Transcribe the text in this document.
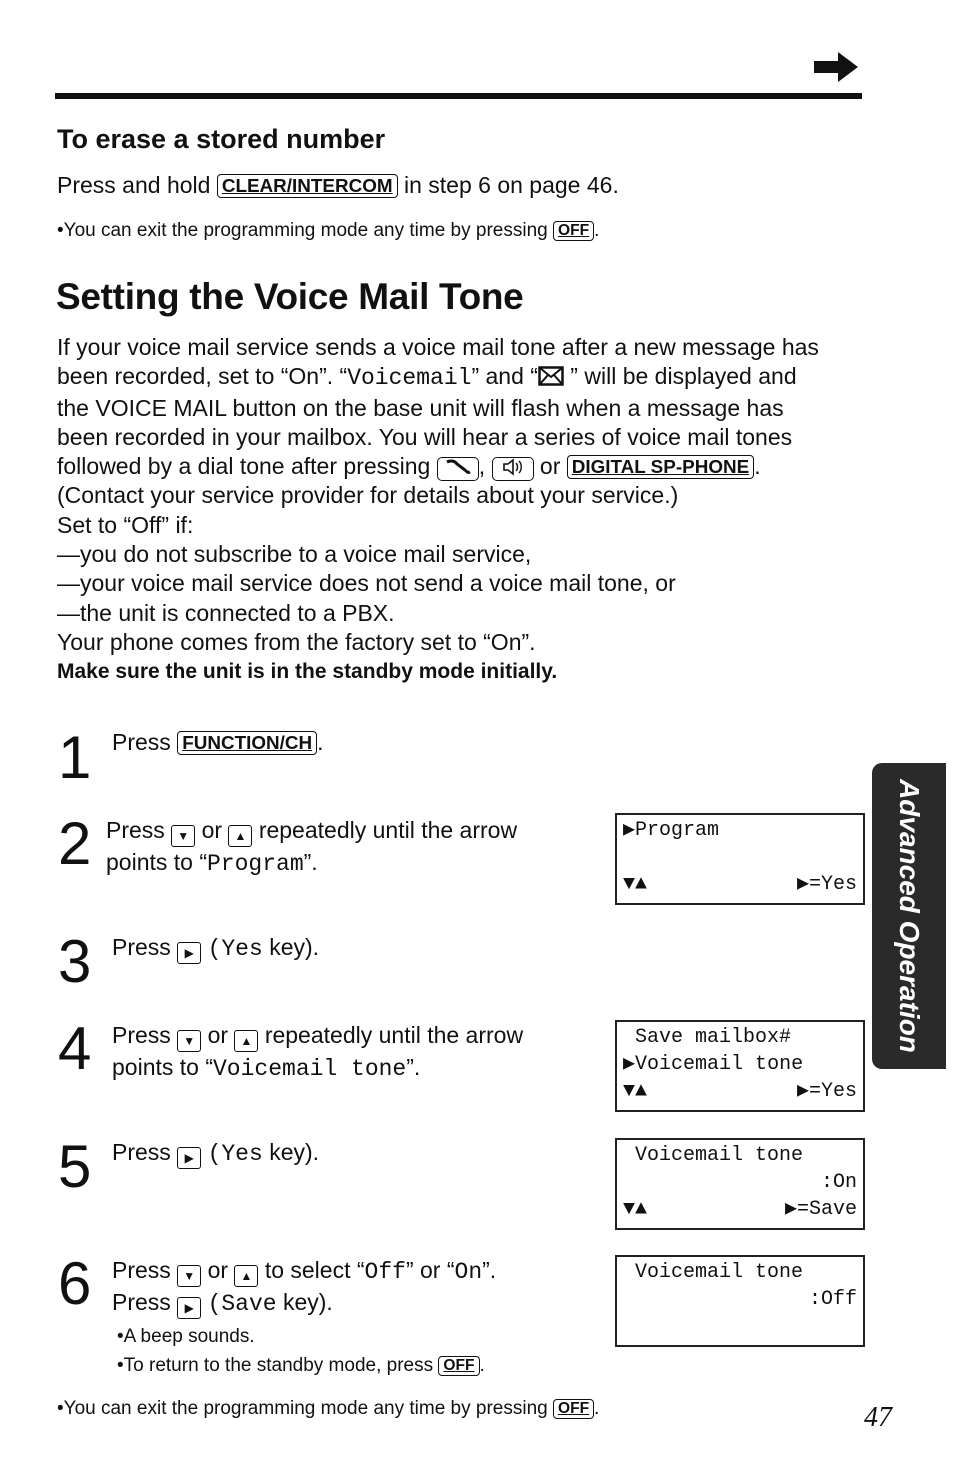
To erase a stored number
Press and hold CLEAR/INTERCOM in step 6 on page 46.
•You can exit the programming mode any time by pressing OFF .
Setting the Voice Mail Tone
If your voice mail service sends a voice mail tone after a new message has
been recorded, set to “On”. “Voicemail” and “ ” will be displayed and
the VOICE MAIL button on the base unit will flash when a message has
been recorded in your mailbox. You will hear a series of voice mail tones
followed by a dial tone after pressing , or DIGITAL SP-PHONE .
(Contact your service provider for details about your service.)
Set to “Off” if:
—you do not subscribe to a voice mail service,
—your voice mail service does not send a voice mail tone, or
—the unit is connected to a PBX.
Your phone comes from the factory set to “On”.
Make sure the unit is in the standby mode initially.
1 Press FUNCTION/CH .
2 Press ▼ or ▲ repeatedly until the arrow
points to “Program”.
▶Program

▼▲	▶=Yes
3 Press ▶ (Yes key).
4 Press ▼ or ▲ repeatedly until the arrow
points to “Voicemail tone”.
Save mailbox#
▶Voicemail tone
▼▲	▶=Yes
5 Press ▶ (Yes key).	Voicemail tone
:On
▼▲	▶=Save
6 Press ▼ or ▲ to select “Off” or “On”.
Press ▶ (Save key).
•A beep sounds.
•To return to the standby mode, press OFF .
Voicemail tone
:Off
•You can exit the programming mode any time by pressing OFF .	47
Advanced Operation
